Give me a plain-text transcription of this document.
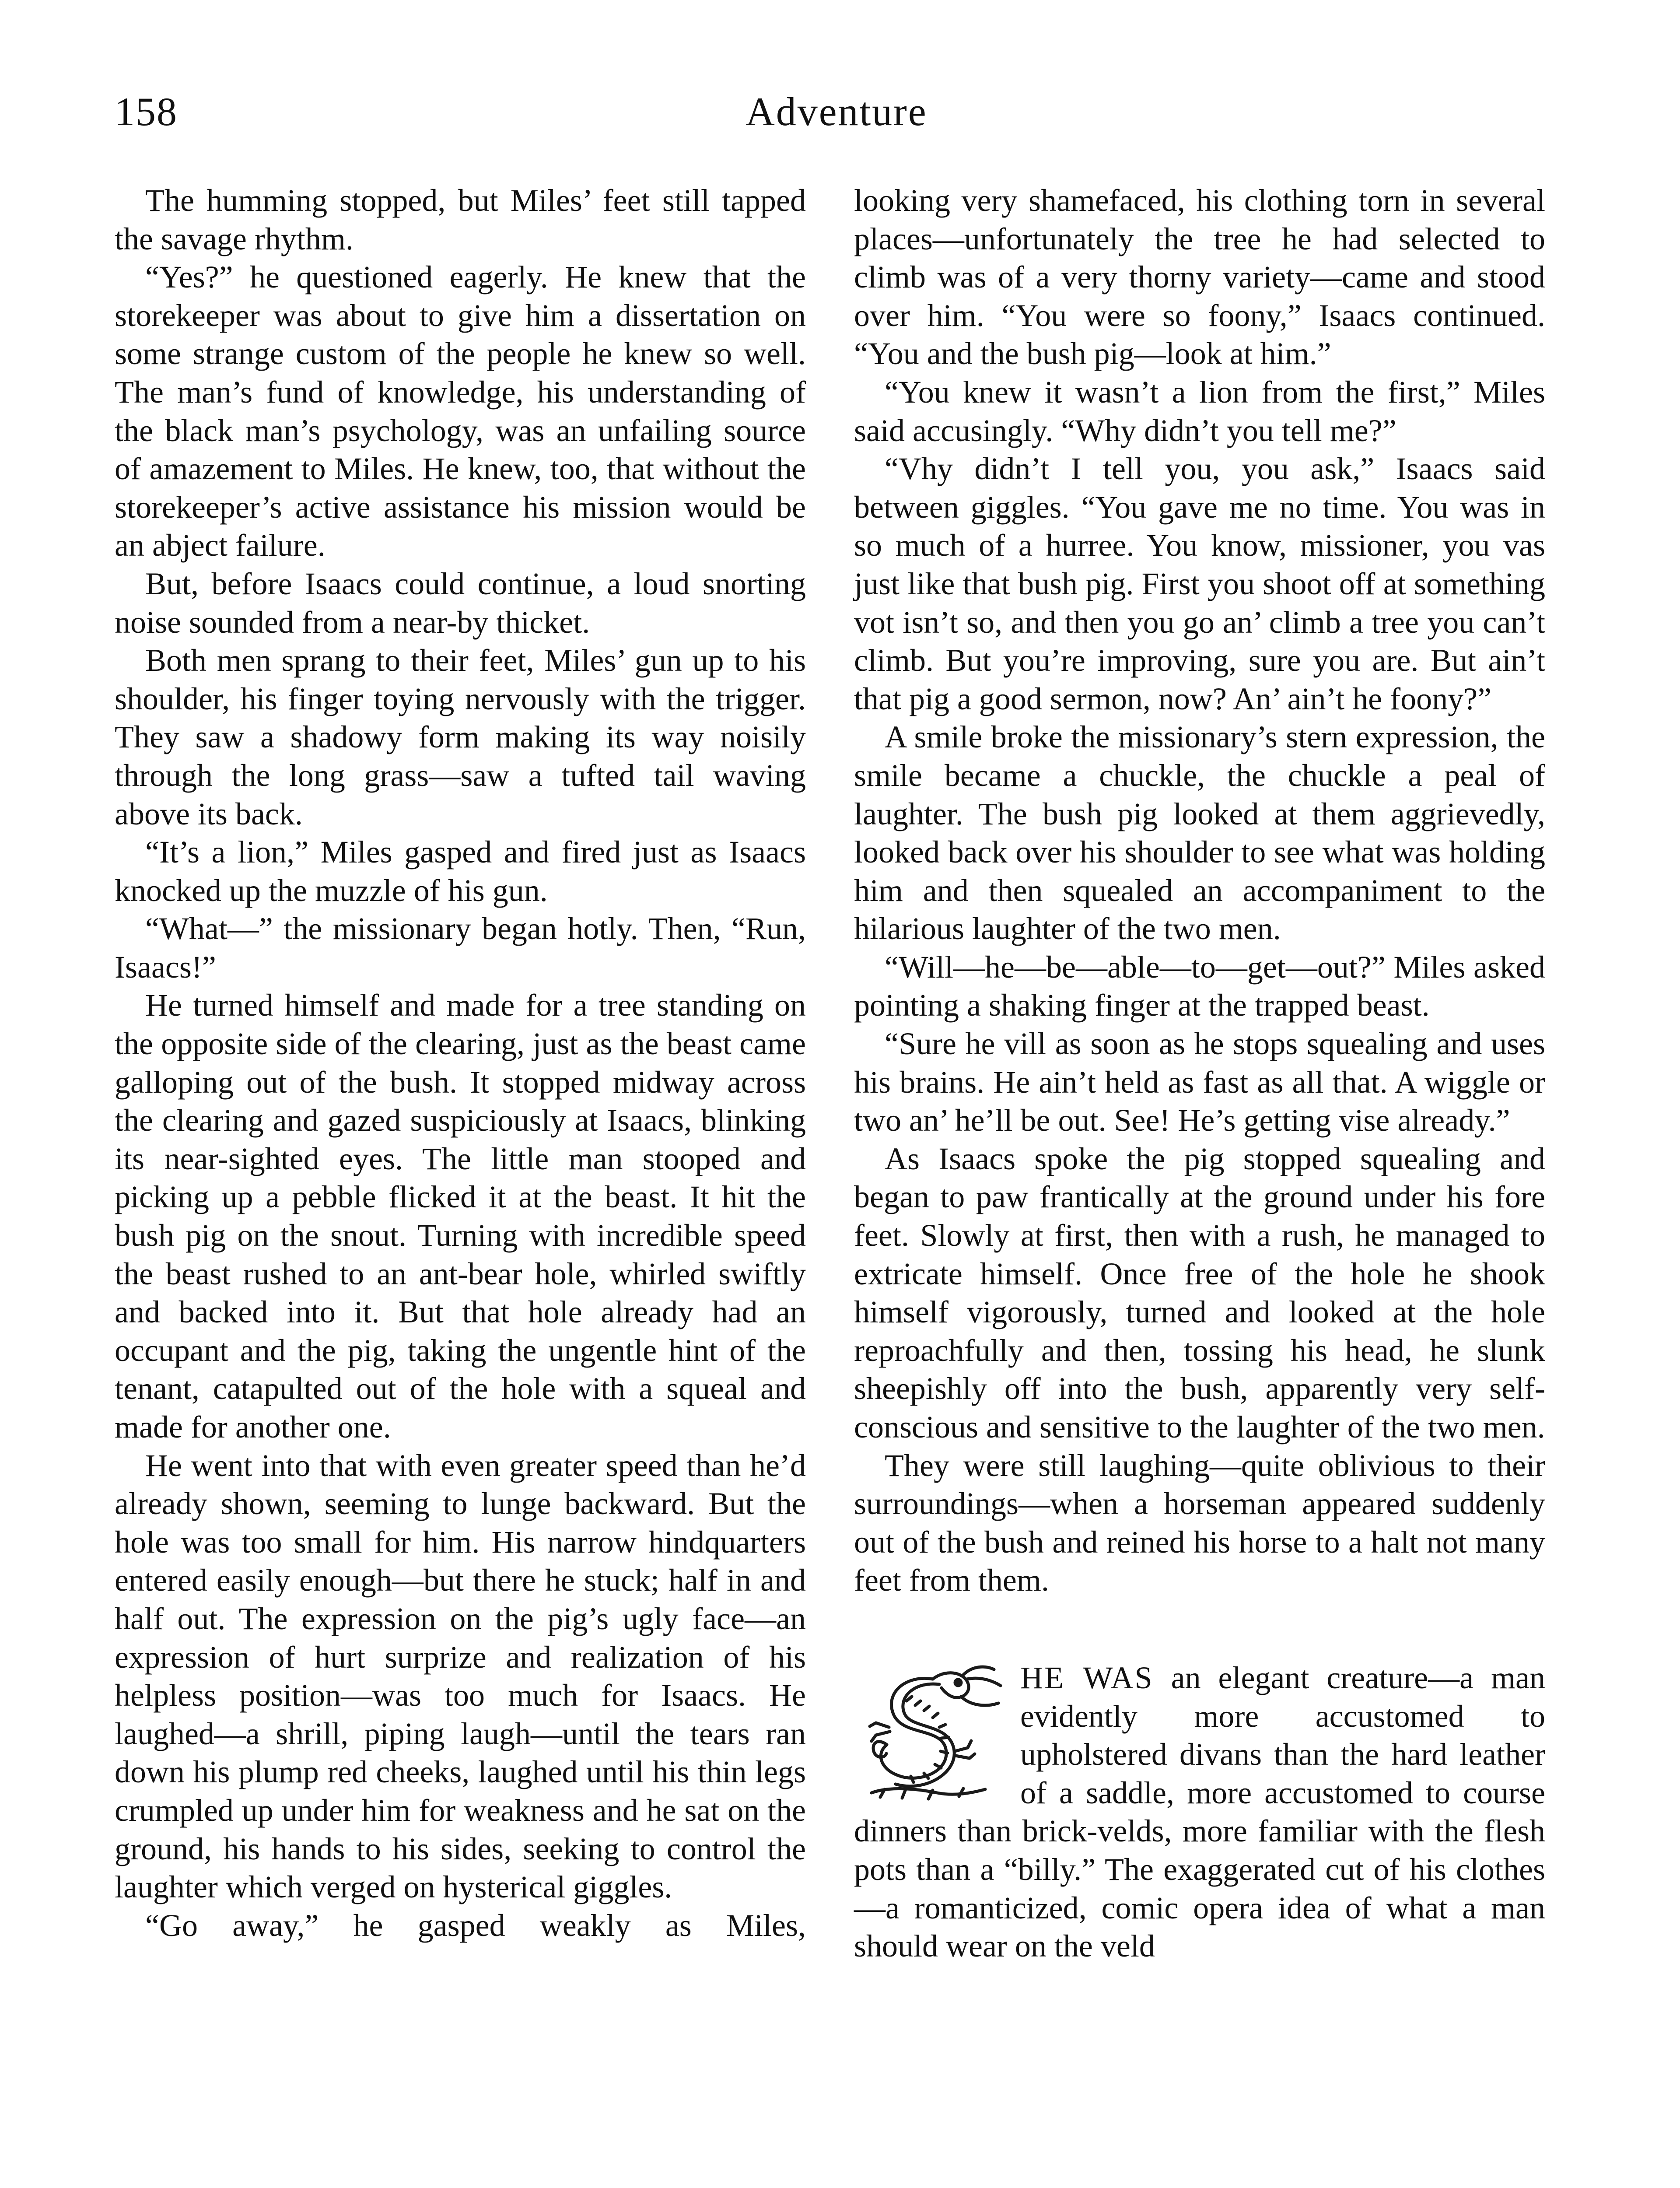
158	Adventure

The humming stopped, but Miles’ feet still tapped the savage rhythm.

“Yes?” he questioned eagerly. He knew that the storekeeper was about to give him a dissertation on some strange custom of the people he knew so well. The man’s fund of knowledge, his understanding of the black man’s psychology, was an unfailing source of amazement to Miles. He knew, too, that without the storekeeper’s active assistance his mission would be an abject failure.

But, before Isaacs could continue, a loud snorting noise sounded from a near-by thicket.

Both men sprang to their feet, Miles’ gun up to his shoulder, his finger toying nervously with the trigger. They saw a shadowy form making its way noisily through the long grass—saw a tufted tail waving above its back.

“It’s a lion,” Miles gasped and fired just as Isaacs knocked up the muzzle of his gun.

“What—” the missionary began hotly. Then, “Run, Isaacs!”

He turned himself and made for a tree standing on the opposite side of the clearing, just as the beast came galloping out of the bush. It stopped midway across the clearing and gazed suspiciously at Isaacs, blinking its near-sighted eyes. The little man stooped and picking up a pebble flicked it at the beast. It hit the bush pig on the snout. Turning with incredible speed the beast rushed to an ant-bear hole, whirled swiftly and backed into it. But that hole already had an occupant and the pig, taking the ungentle hint of the tenant, catapulted out of the hole with a squeal and made for another one.

He went into that with even greater speed than he’d already shown, seeming to lunge backward. But the hole was too small for him. His narrow hindquarters entered easily enough—but there he stuck; half in and half out. The expression on the pig’s ugly face—an expression of hurt surprize and realization of his helpless position—was too much for Isaacs. He laughed—a shrill, piping laugh—until the tears ran down his plump red cheeks, laughed until his thin legs crumpled up under him for weakness and he sat on the ground, his hands to his sides, seeking to control the laughter which verged on hysterical giggles.

“Go away,” he gasped weakly as Miles,

looking very shamefaced, his clothing torn in several places—unfortunately the tree he had selected to climb was of a very thorny variety—came and stood over him. “You were so foony,” Isaacs continued. “You and the bush pig—look at him.”

“You knew it wasn’t a lion from the first,” Miles said accusingly. “Why didn’t you tell me?”

“Vhy didn’t I tell you, you ask,” Isaacs said between giggles. “You gave me no time. You was in so much of a hurree. You know, missioner, you vas just like that bush pig. First you shoot off at something vot isn’t so, and then you go an’ climb a tree you can’t climb. But you’re improving, sure you are. But ain’t that pig a good sermon, now? An’ ain’t he foony?”

A smile broke the missionary’s stern expression, the smile became a chuckle, the chuckle a peal of laughter. The bush pig looked at them aggrievedly, looked back over his shoulder to see what was holding him and then squealed an accompaniment to the hilarious laughter of the two men.

“Will—he—be—able—to—get—out?” Miles asked pointing a shaking finger at the trapped beast.

“Sure he vill as soon as he stops squealing and uses his brains. He ain’t held as fast as all that. A wiggle or two an’ he’ll be out. See! He’s getting vise already.”

As Isaacs spoke the pig stopped squealing and began to paw frantically at the ground under his fore feet. Slowly at first, then with a rush, he managed to extricate himself. Once free of the hole he shook himself vigorously, turned and looked at the hole reproachfully and then, tossing his head, he slunk sheepishly off into the bush, apparently very self-conscious and sensitive to the laughter of the two men.

They were still laughing—quite oblivious to their surroundings—when a horseman appeared suddenly out of the bush and reined his horse to a halt not many feet from them.

HE WAS an elegant creature—a man evidently more accustomed to upholstered divans than the hard leather of a saddle, more accustomed to course dinners than brick-velds, more familiar with the flesh pots than a “billy.” The exaggerated cut of his clothes—a romanticized, comic opera idea of what a man should wear on the veld
